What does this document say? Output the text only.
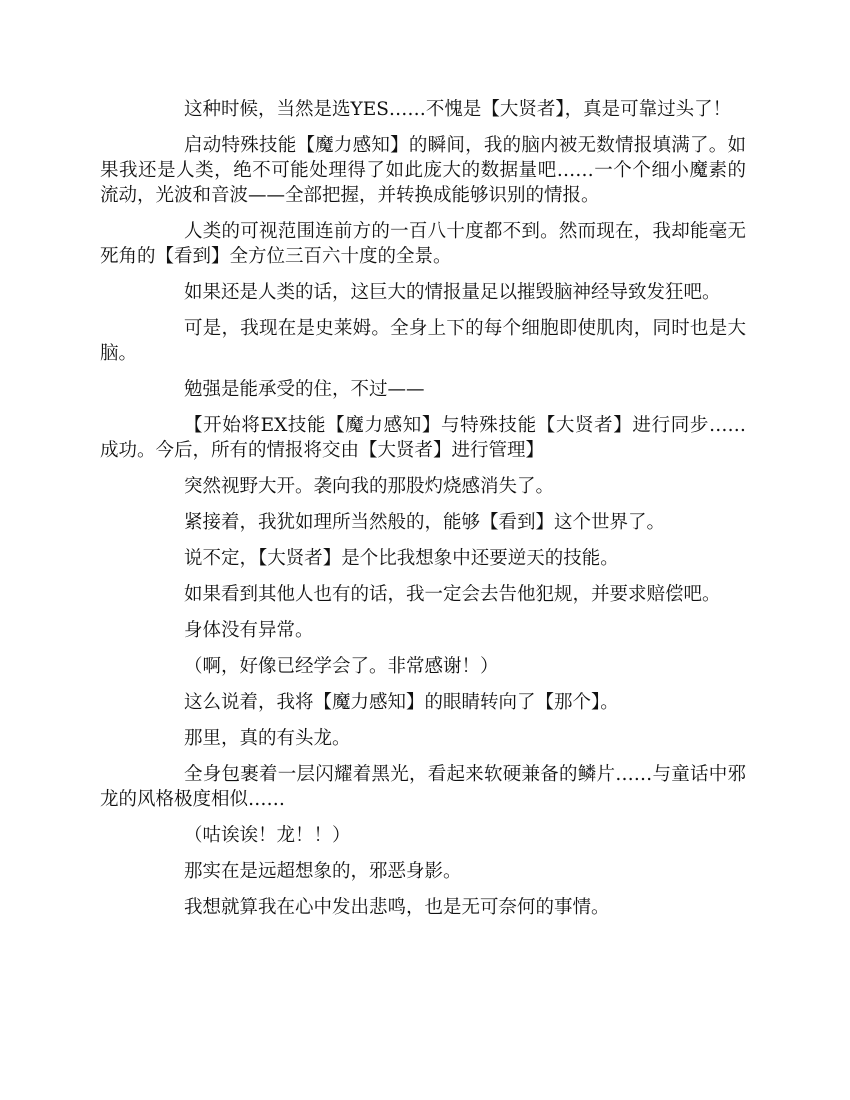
这种时候，当然是选YES……不愧是【大贤者】，真是可靠过头了！

启动特殊技能【魔力感知】的瞬间，我的脑内被无数情报填满了。如果我还是人类，绝不可能处理得了如此庞大的数据量吧……一个个细小魔素的流动，光波和音波——全部把握，并转换成能够识别的情报。

人类的可视范围连前方的一百八十度都不到。然而现在，我却能毫无死角的【看到】全方位三百六十度的全景。

如果还是人类的话，这巨大的情报量足以摧毁脑神经导致发狂吧。

可是，我现在是史莱姆。全身上下的每个细胞即使肌肉，同时也是大脑。

勉强是能承受的住，不过——

【开始将EX技能【魔力感知】与特殊技能【大贤者】进行同步……成功。今后，所有的情报将交由【大贤者】进行管理】

突然视野大开。袭向我的那股灼烧感消失了。

紧接着，我犹如理所当然般的，能够【看到】这个世界了。

说不定，【大贤者】是个比我想象中还要逆天的技能。

如果看到其他人也有的话，我一定会去告他犯规，并要求赔偿吧。

身体没有异常。

（啊，好像已经学会了。非常感谢！）

这么说着，我将【魔力感知】的眼睛转向了【那个】。

那里，真的有头龙。

全身包裹着一层闪耀着黑光，看起来软硬兼备的鳞片……与童话中邪龙的风格极度相似……

（咕诶诶！龙！！）

那实在是远超想象的，邪恶身影。

我想就算我在心中发出悲鸣，也是无可奈何的事情。
